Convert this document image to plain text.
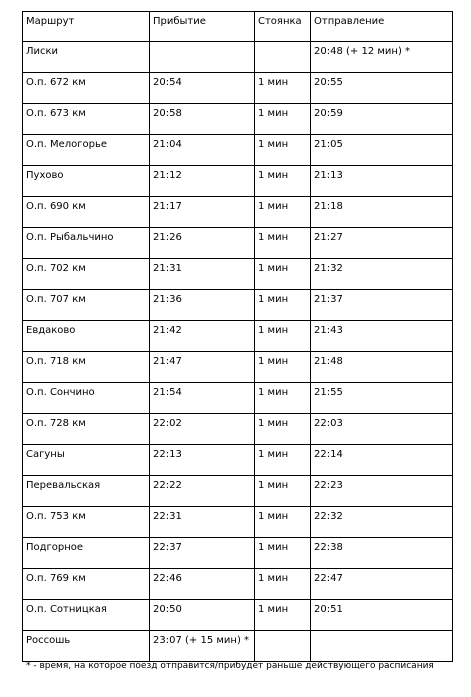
Маршрут	Прибытие	Стоянка	Отправление
Лиски			20:48 (+ 12 мин) *
О.п. 672 км	20:54	1 мин	20:55
О.п. 673 км	20:58	1 мин	20:59
О.п. Мелогорье	21:04	1 мин	21:05
Пухово	21:12	1 мин	21:13
О.п. 690 км	21:17	1 мин	21:18
О.п. Рыбальчино	21:26	1 мин	21:27
О.п. 702 км	21:31	1 мин	21:32
О.п. 707 км	21:36	1 мин	21:37
Евдаково	21:42	1 мин	21:43
О.п. 718 км	21:47	1 мин	21:48
О.п. Сончино	21:54	1 мин	21:55
О.п. 728 км	22:02	1 мин	22:03
Сагуны	22:13	1 мин	22:14
Перевальская	22:22	1 мин	22:23
О.п. 753 км	22:31	1 мин	22:32
Подгорное	22:37	1 мин	22:38
О.п. 769 км	22:46	1 мин	22:47
О.п. Сотницкая	20:50	1 мин	20:51
Россошь	23:07 (+ 15 мин) *		
* - время, на которое поезд отправится/прибудет раньше действующего расписания
